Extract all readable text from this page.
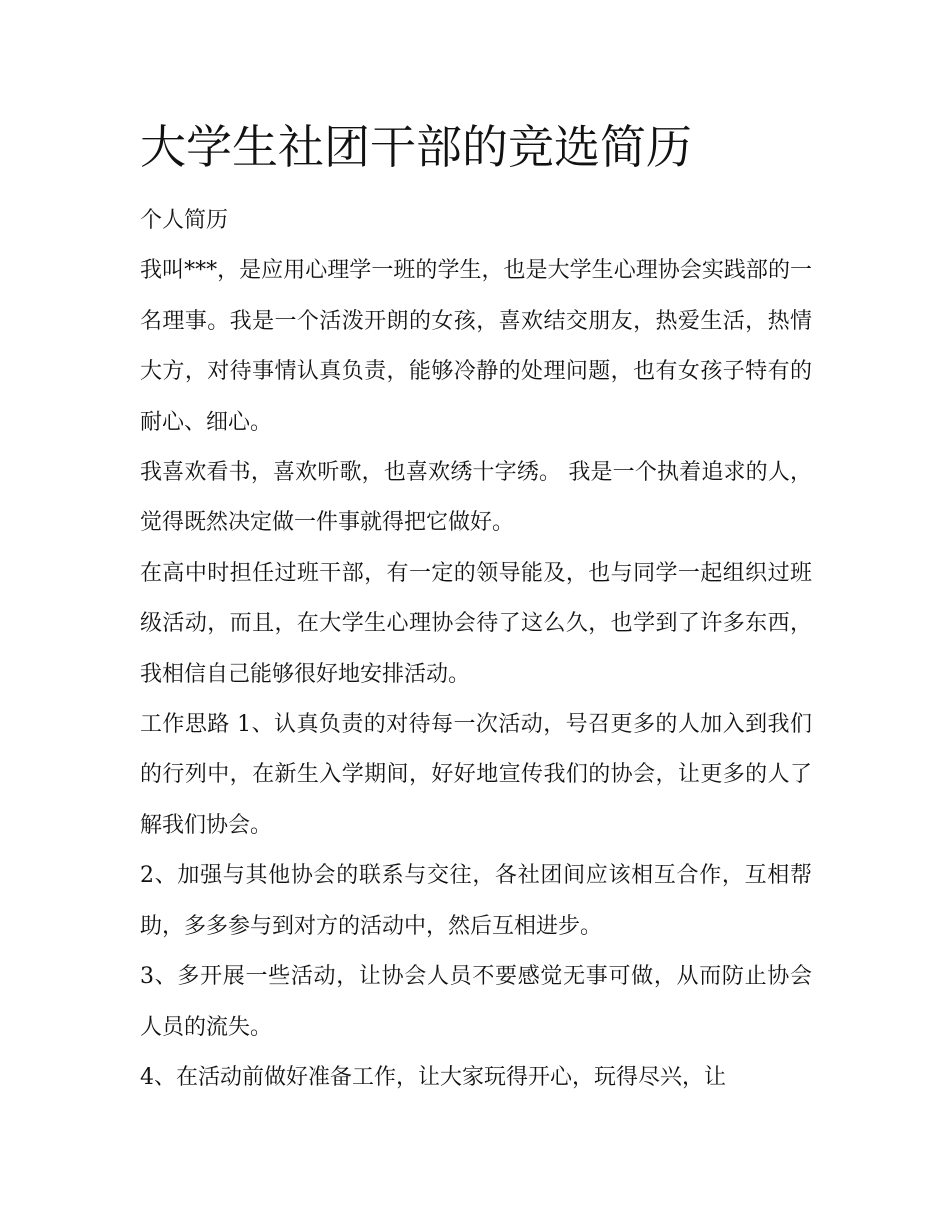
大学生社团干部的竞选简历

个人简历

我叫***，是应用心理学一班的学生，也是大学生心理协会实践部的一名理事。我是一个活泼开朗的女孩，喜欢结交朋友，热爱生活，热情大方，对待事情认真负责，能够冷静的处理问题，也有女孩子特有的耐心、细心。

我喜欢看书，喜欢听歌，也喜欢绣十字绣。 我是一个执着追求的人，觉得既然决定做一件事就得把它做好。

在高中时担任过班干部，有一定的领导能及，也与同学一起组织过班级活动，而且，在大学生心理协会待了这么久，也学到了许多东西，我相信自己能够很好地安排活动。

工作思路 1、认真负责的对待每一次活动，号召更多的人加入到我们的行列中，在新生入学期间，好好地宣传我们的协会，让更多的人了解我们协会。

2、加强与其他协会的联系与交往，各社团间应该相互合作，互相帮助，多多参与到对方的活动中，然后互相进步。

3、多开展一些活动，让协会人员不要感觉无事可做，从而防止协会人员的流失。

4、在活动前做好准备工作，让大家玩得开心，玩得尽兴，让
